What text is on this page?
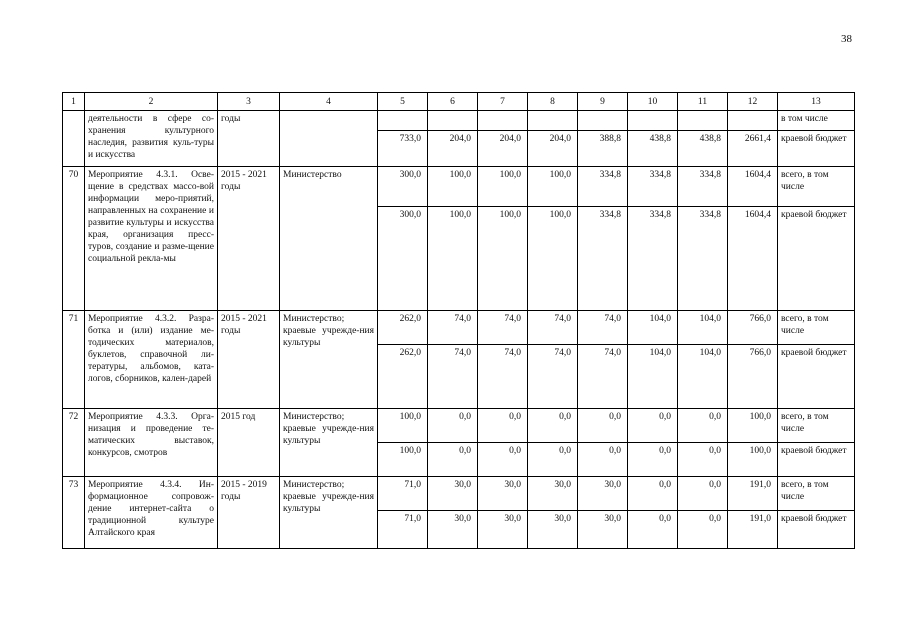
38
1	2	3	4	5	6	7	8	9	10	11	12	13
	деятельности в сфере со-хранения культурного наследия, развития куль-туры и искусства	годы										в том числе
				733,0	204,0	204,0	204,0	388,8	438,8	438,8	2661,4	краевой бюджет
70	Мероприятие 4.3.1. Осве-щение в средствах массо-вой информации меро-приятий, направленных на сохранение и развитие культуры и искусства края, организация пресс-туров, создание и разме-щение социальной рекла-мы	2015 - 2021 годы	Министерство	300,0	100,0	100,0	100,0	334,8	334,8	334,8	1604,4	всего, в том числе
				300,0	100,0	100,0	100,0	334,8	334,8	334,8	1604,4	краевой бюджет
71	Мероприятие 4.3.2. Разра-ботка и (или) издание ме-тодических материалов, буклетов, справочной ли-тературы, альбомов, ката-логов, сборников, кален-дарей	2015 - 2021 годы	Министерство; краевые учрежде-ния культуры	262,0	74,0	74,0	74,0	74,0	104,0	104,0	766,0	всего, в том числе
				262,0	74,0	74,0	74,0	74,0	104,0	104,0	766,0	краевой бюджет
72	Мероприятие 4.3.3. Орга-низация и проведение те-матических выставок, конкурсов, смотров	2015 год	Министерство; краевые учрежде-ния культуры	100,0	0,0	0,0	0,0	0,0	0,0	0,0	100,0	всего, в том числе
				100,0	0,0	0,0	0,0	0,0	0,0	0,0	100,0	краевой бюджет
73	Мероприятие 4.3.4. Ин-формационное сопровож-дение интернет-сайта о традиционной культуре Алтайского края	2015 - 2019 годы	Министерство; краевые учрежде-ния культуры	71,0	30,0	30,0	30,0	30,0	0,0	0,0	191,0	всего, в том числе
				71,0	30,0	30,0	30,0	30,0	0,0	0,0	191,0	краевой бюджет
